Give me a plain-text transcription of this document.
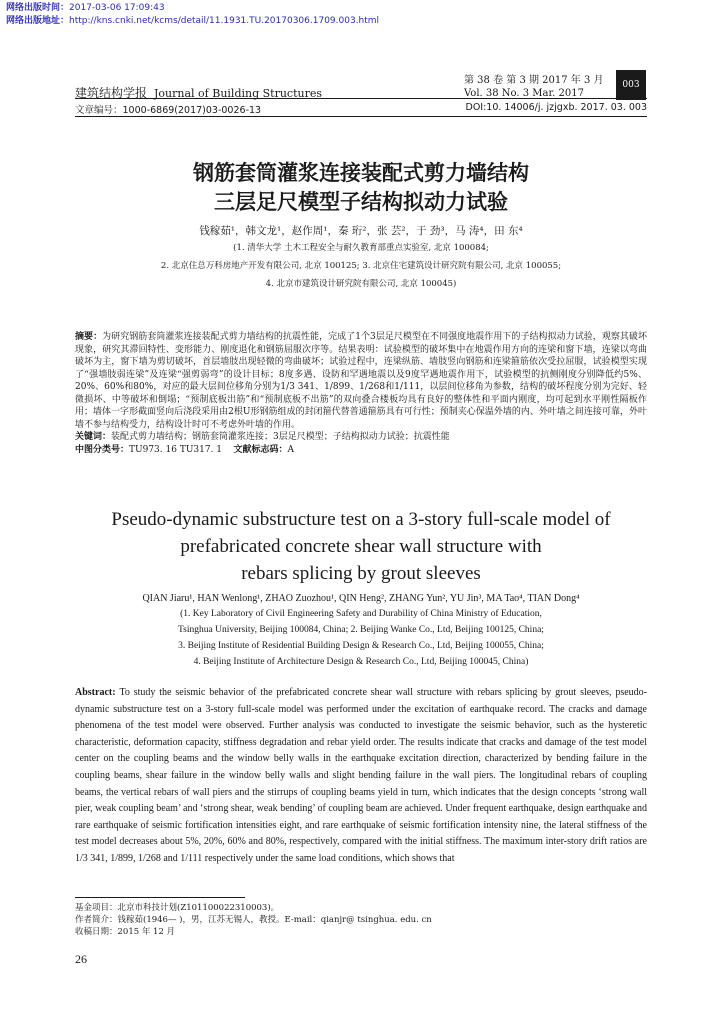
网络出版时间：2017-03-06 17:09:43
网络出版地址：http://kns.cnki.net/kcms/detail/11.1931.TU.20170306.1709.003.html
建筑结构学报 Journal of Building Structures
第 38 卷 第 3 期 2017 年 3 月
Vol. 38 No. 3 Mar. 2017
003
文章编号：1000-6869(2017)03-0026-13	DOI:10. 14006/j. jzjgxb. 2017. 03. 003
钢筋套筒灌浆连接装配式剪力墙结构
三层足尺模型子结构拟动力试验
钱稼茹¹，韩文龙¹，赵作周¹，秦 珩²，张 芸²，于 劲³，马 涛⁴，田 东⁴
(1. 清华大学 土木工程安全与耐久教育部重点实验室, 北京 100084;
2. 北京住总万科房地产开发有限公司, 北京 100125; 3. 北京住宅建筑设计研究院有限公司, 北京 100055;
4. 北京市建筑设计研究院有限公司, 北京 100045)
摘要：为研究钢筋套筒灌浆连接装配式剪力墙结构的抗震性能，完成了1个3层足尺模型在不同强度地震作用下的子结构拟动力试验，观察其破坏现象，研究其滞回特性、变形能力、刚度退化和钢筋屈服次序等。结果表明：试验模型的破坏集中在地震作用方向的连梁和窗下墙，连梁以弯曲破坏为主，窗下墙为剪切破坏，首层墙肢出现轻微的弯曲破坏；试验过程中，连梁纵筋、墙肢竖向钢筋和连梁箍筋依次受拉屈服，试验模型实现了“强墙肢弱连梁”及连梁“强剪弱弯”的设计目标；8度多遇、设防和罕遇地震以及9度罕遇地震作用下，试验模型的抗侧刚度分别降低约5%、20%、60%和80%，对应的最大层间位移角分别为1/3 341、1/899、1/268和1/111，以层间位移角为参数，结构的破坏程度分别为完好、轻微损坏、中等破坏和倒塌；“预制底板出筋”和“预制底板不出筋”的双向叠合楼板均具有良好的整体性和平面内刚度，均可起到水平刚性隔板作用；墙体一字形截面竖向后浇段采用由2根U形钢筋组成的封闭箍代替普通箍筋具有可行性；预制夹心保温外墙的内、外叶墙之间连接可靠，外叶墙不参与结构受力，结构设计时可不考虑外叶墙的作用。
关键词：装配式剪力墙结构；钢筋套筒灌浆连接；3层足尺模型；子结构拟动力试验；抗震性能
中图分类号：TU973. 16 TU317. 1 文献标志码：A
Pseudo-dynamic substructure test on a 3-story full-scale model of
prefabricated concrete shear wall structure with
rebars splicing by grout sleeves
QIAN Jiaru¹, HAN Wenlong¹, ZHAO Zuozhou¹, QIN Heng², ZHANG Yun², YU Jin³, MA Tao⁴, TIAN Dong⁴
(1. Key Laboratory of Civil Engineering Safety and Durability of China Ministry of Education,
Tsinghua University, Beijing 100084, China; 2. Beijing Wanke Co., Ltd, Beijing 100125, China;
3. Beijing Institute of Residential Building Design & Research Co., Ltd, Beijing 100055, China;
4. Beijing Institute of Architecture Design & Research Co., Ltd, Beijing 100045, China)
Abstract: To study the seismic behavior of the prefabricated concrete shear wall structure with rebars splicing by grout sleeves, pseudo-dynamic substructure test on a 3-story full-scale model was performed under the excitation of earthquake record. The cracks and damage phenomena of the test model were observed. Further analysis was conducted to investigate the seismic behavior, such as the hysteretic characteristic, deformation capacity, stiffness degradation and rebar yield order. The results indicate that cracks and damage of the test model center on the coupling beams and the window belly walls in the earthquake excitation direction, characterized by bending failure in the coupling beams, shear failure in the window belly walls and slight bending failure in the wall piers. The longitudinal rebars of coupling beams, the vertical rebars of wall piers and the stirrups of coupling beams yield in turn, which indicates that the design concepts ‘strong wall pier, weak coupling beam’ and ‘strong shear, weak bending’ of coupling beam are achieved. Under frequent earthquake, design earthquake and rare earthquake of seismic fortification intensities eight, and rare earthquake of seismic fortification intensity nine, the lateral stiffness of the test model decreases about 5%, 20%, 60% and 80%, respectively, compared with the initial stiffness. The maximum inter-story drift ratios are 1/3 341, 1/899, 1/268 and 1/111 respectively under the same load conditions, which shows that
基金项目：北京市科技计划(Z101100022310003)。
作者简介：钱稼茹(1946— )，男，江苏无锡人，教授。E-mail：qianjr@ tsinghua. edu. cn
收稿日期：2015 年 12 月
26
